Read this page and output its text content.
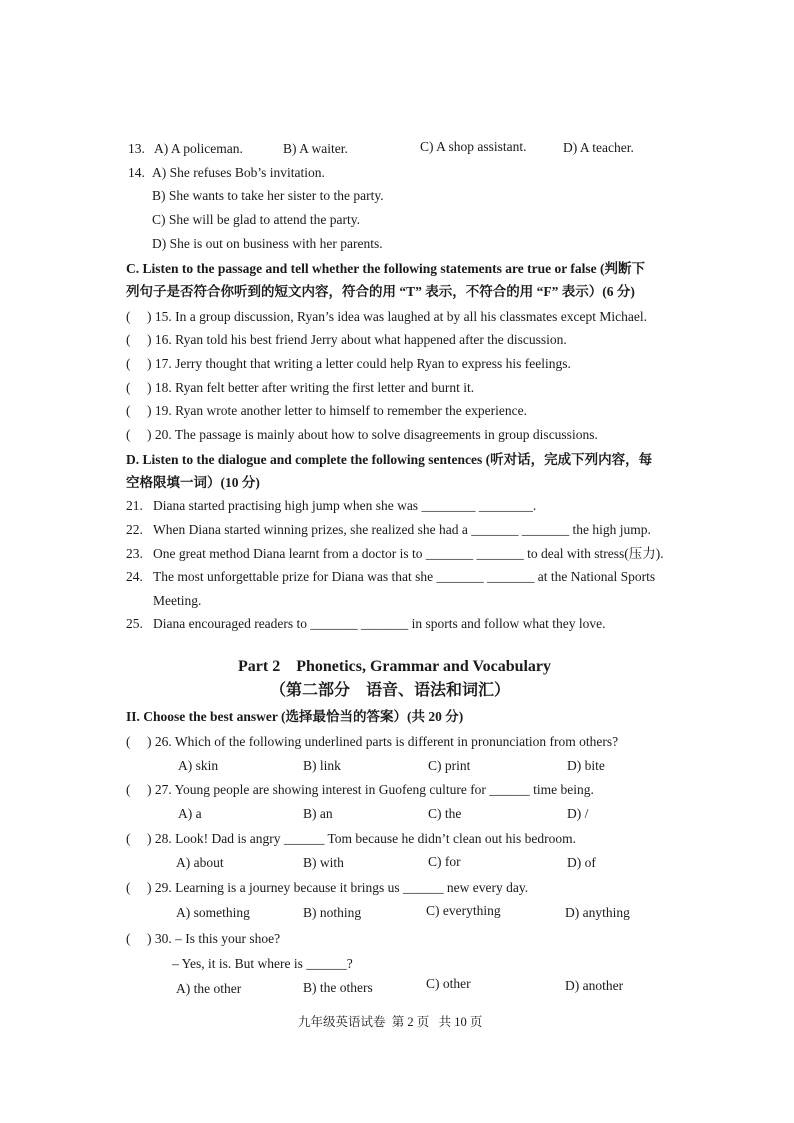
13. A) A policeman.	B) A waiter.	C) A shop assistant.	D) A teacher.
14. A) She refuses Bob’s invitation.
B) She wants to take her sister to the party.
C) She will be glad to attend the party.
D) She is out on business with her parents.
C. Listen to the passage and tell whether the following statements are true or false (判断下
列句子是否符合你听到的短文内容，符合的用 “T” 表示，不符合的用 “F” 表示）(6 分)
( ) 15. In a group discussion, Ryan’s idea was laughed at by all his classmates except Michael.
( ) 16. Ryan told his best friend Jerry about what happened after the discussion.
( ) 17. Jerry thought that writing a letter could help Ryan to express his feelings.
( ) 18. Ryan felt better after writing the first letter and burnt it.
( ) 19. Ryan wrote another letter to himself to remember the experience.
( ) 20. The passage is mainly about how to solve disagreements in group discussions.
D. Listen to the dialogue and complete the following sentences (听对话，完成下列内容，每
空格限填一词）(10 分)
21. Diana started practising high jump when she was ________ ________.
22. When Diana started winning prizes, she realized she had a _______ _______ the high jump.
23. One great method Diana learnt from a doctor is to _______ _______ to deal with stress(压力).
24. The most unforgettable prize for Diana was that she _______ _______ at the National Sports
Meeting.
25. Diana encouraged readers to _______ _______ in sports and follow what they love.
Part 2    Phonetics, Grammar and Vocabulary
（第二部分    语音、语法和词汇）
II. Choose the best answer (选择最恰当的答案）(共 20 分)
( ) 26. Which of the following underlined parts is different in pronunciation from others?
A) skin	B) link	C) print	D) bite
( ) 27. Young people are showing interest in Guofeng culture for ______ time being.
A) a	B) an	C) the	D) /
( ) 28. Look! Dad is angry ______ Tom because he didn’t clean out his bedroom.
A) about	B) with	C) for	D) of
( ) 29. Learning is a journey because it brings us ______ new every day.
A) something	B) nothing	C) everything	D) anything
( ) 30. – Is this your shoe?
– Yes, it is. But where is ______?
A) the other	B) the others	C) other	D) another
九年级英语试卷  第 2 页   共 10 页
